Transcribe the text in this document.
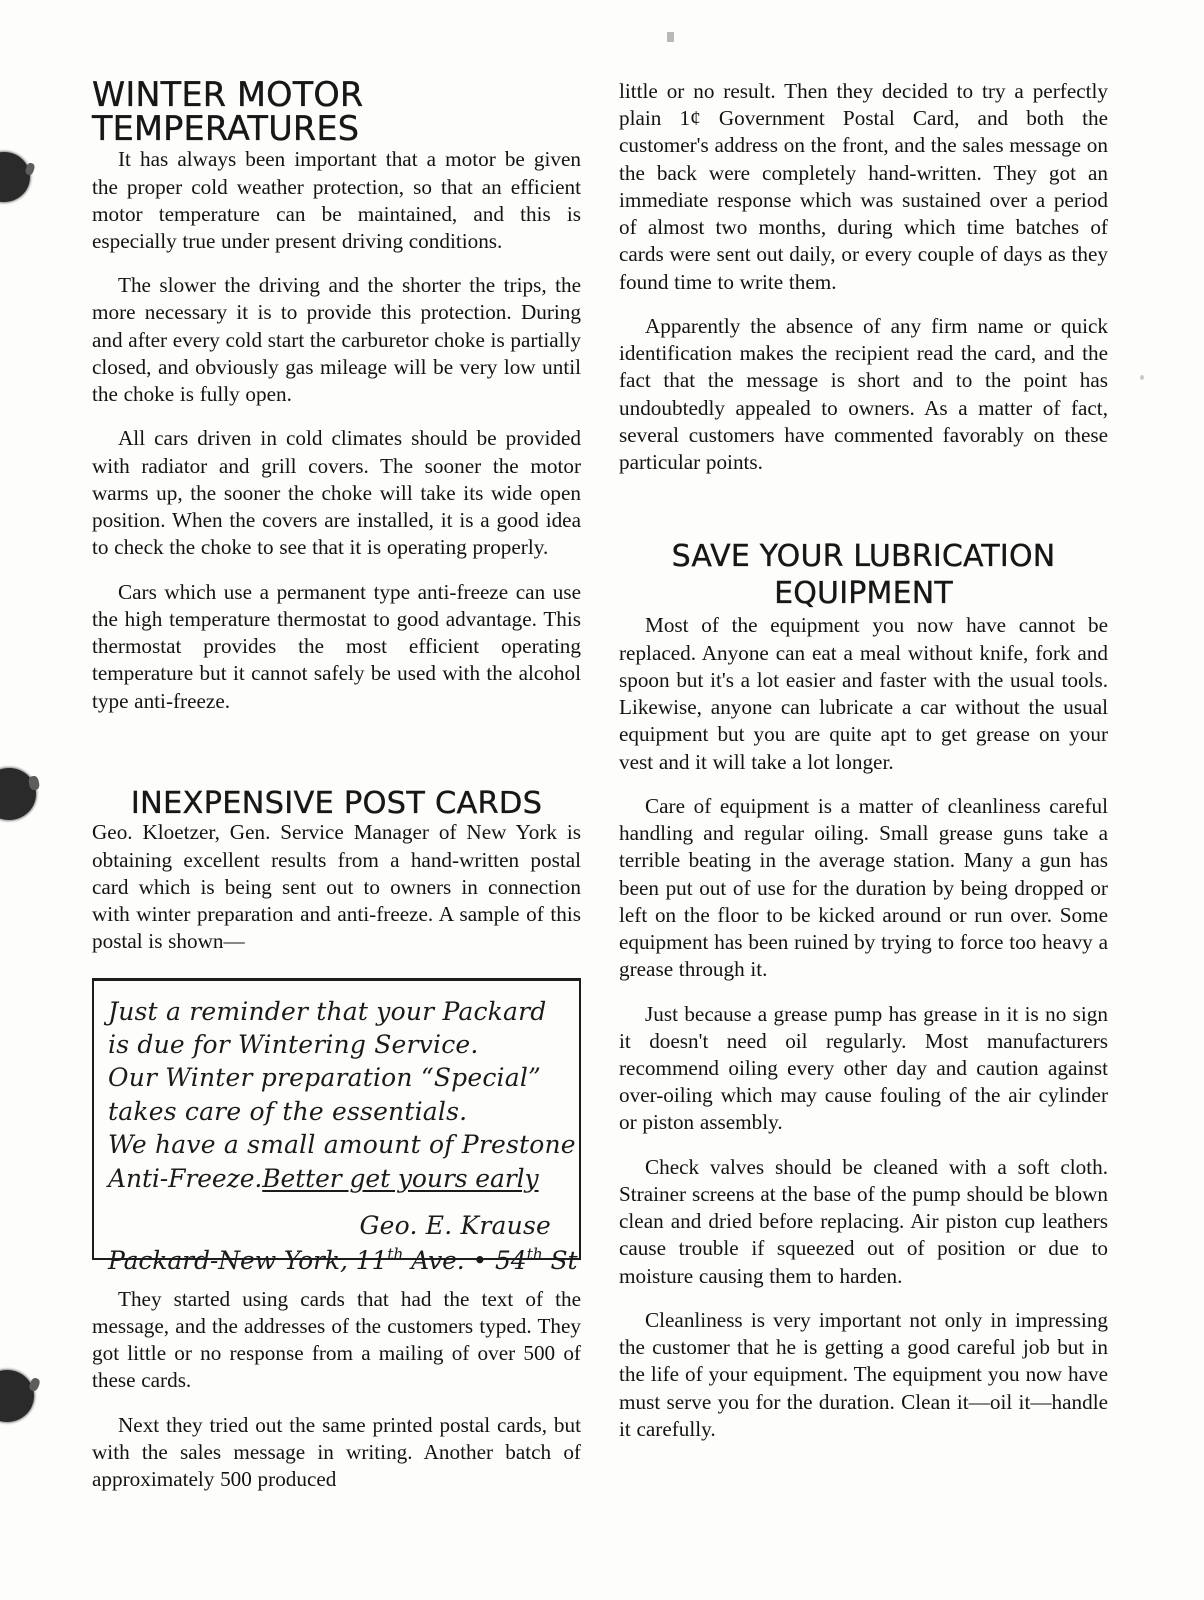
WINTER MOTOR TEMPERATURES

It has always been important that a motor be given the proper cold weather protection, so that an efficient motor temperature can be maintained, and this is especially true under present driving conditions.

The slower the driving and the shorter the trips, the more necessary it is to provide this protection. During and after every cold start the carburetor choke is partially closed, and obviously gas mileage will be very low until the choke is fully open.

All cars driven in cold climates should be provided with radiator and grill covers. The sooner the motor warms up, the sooner the choke will take its wide open position. When the covers are installed, it is a good idea to check the choke to see that it is operating properly.

Cars which use a permanent type anti-freeze can use the high temperature thermostat to good advantage. This thermostat provides the most efficient operating temperature but it cannot safely be used with the alcohol type anti-freeze.

INEXPENSIVE POST CARDS

Geo. Kloetzer, Gen. Service Manager of New York is obtaining excellent results from a hand-written postal card which is being sent out to owners in connection with winter preparation and anti-freeze. A sample of this postal is shown—

Just a reminder that your Packard
is due for Wintering Service.
Our Winter preparation “Special”
takes care of the essentials.
We have a small amount of Prestone
Anti-Freeze.Better get yours early
Geo. E. Krause
Packard-New York, 11th Ave. • 54th St

They started using cards that had the text of the message, and the addresses of the customers typed. They got little or no response from a mailing of over 500 of these cards.

Next they tried out the same printed postal cards, but with the sales message in writing. Another batch of approximately 500 produced

little or no result. Then they decided to try a perfectly plain 1¢ Government Postal Card, and both the customer's address on the front, and the sales message on the back were completely hand-written. They got an immediate response which was sustained over a period of almost two months, during which time batches of cards were sent out daily, or every couple of days as they found time to write them.

Apparently the absence of any firm name or quick identification makes the recipient read the card, and the fact that the message is short and to the point has undoubtedly appealed to owners. As a matter of fact, several customers have commented favorably on these particular points.

SAVE YOUR LUBRICATION
EQUIPMENT

Most of the equipment you now have cannot be replaced. Anyone can eat a meal without knife, fork and spoon but it's a lot easier and faster with the usual tools. Likewise, anyone can lubricate a car without the usual equipment but you are quite apt to get grease on your vest and it will take a lot longer.

Care of equipment is a matter of cleanliness careful handling and regular oiling. Small grease guns take a terrible beating in the average station. Many a gun has been put out of use for the duration by being dropped or left on the floor to be kicked around or run over. Some equipment has been ruined by trying to force too heavy a grease through it.

Just because a grease pump has grease in it is no sign it doesn't need oil regularly. Most manufacturers recommend oiling every other day and caution against over-oiling which may cause fouling of the air cylinder or piston assembly.

Check valves should be cleaned with a soft cloth. Strainer screens at the base of the pump should be blown clean and dried before replacing. Air piston cup leathers cause trouble if squeezed out of position or due to moisture causing them to harden.

Cleanliness is very important not only in impressing the customer that he is getting a good careful job but in the life of your equipment. The equipment you now have must serve you for the duration. Clean it—oil it—handle it carefully.
